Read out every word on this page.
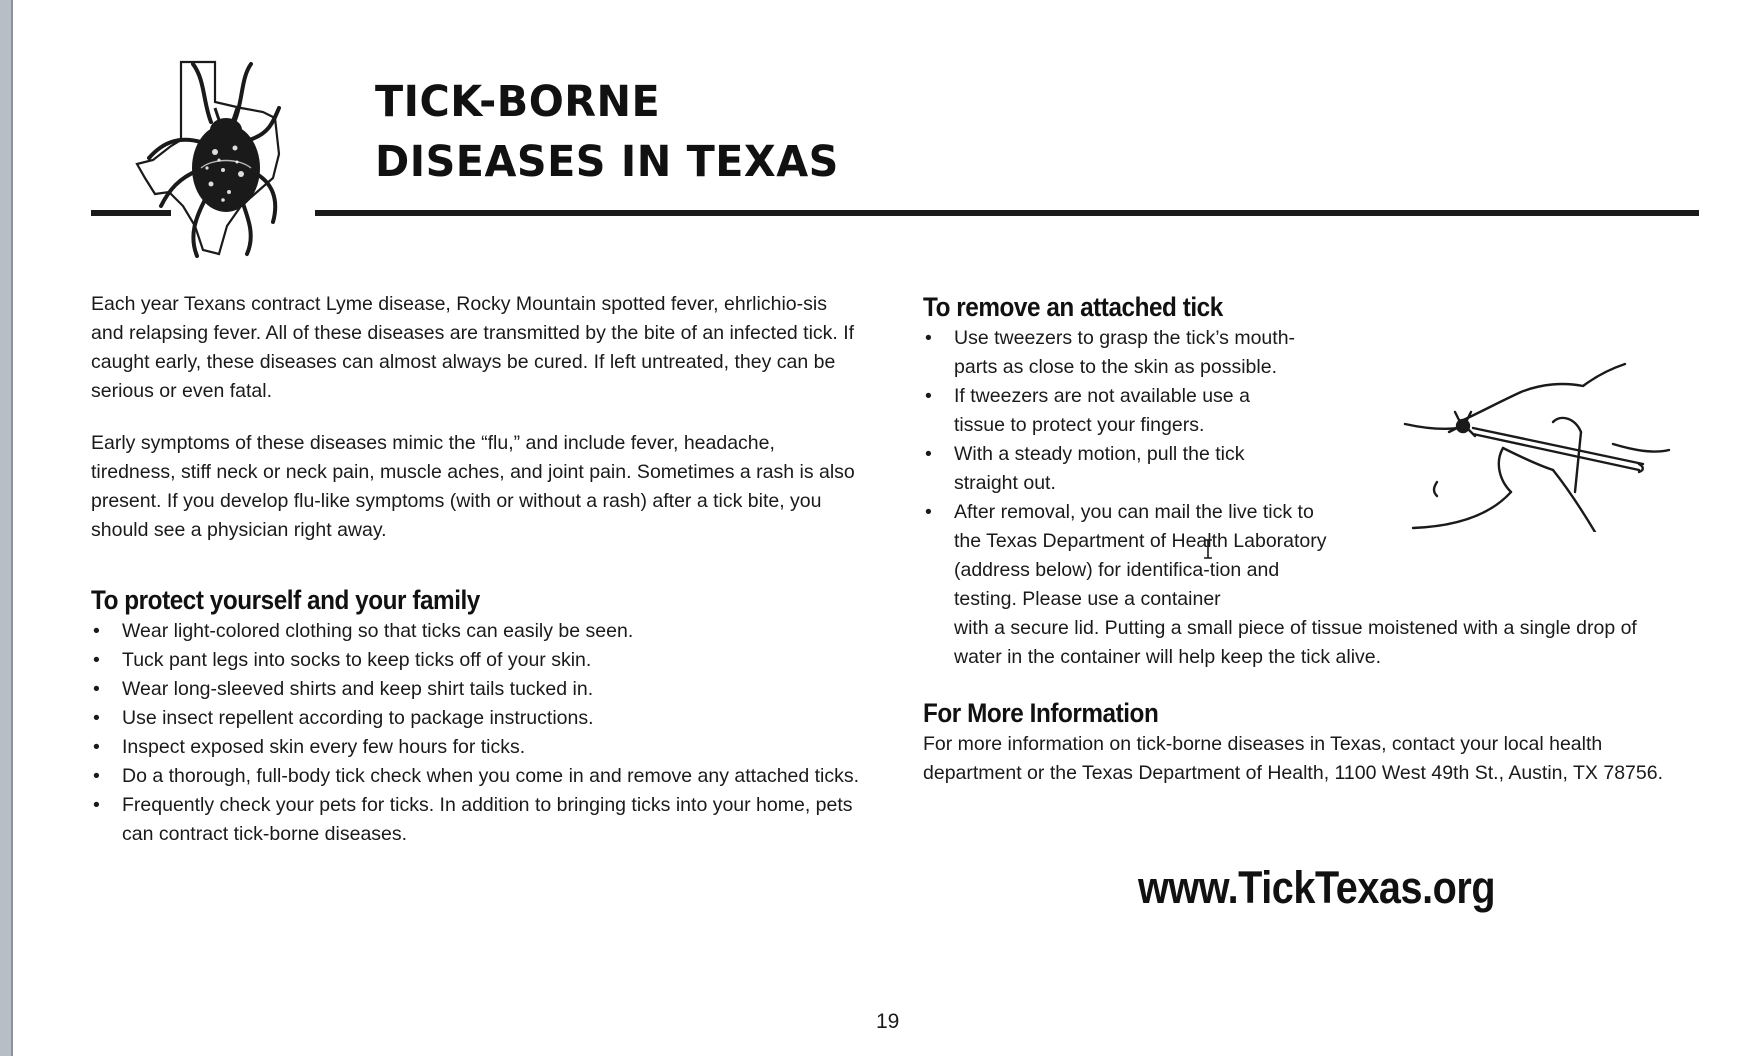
TICK-BORNE
DISEASES IN TEXAS

Each year Texans contract Lyme disease, Rocky Mountain spotted fever, ehrlichio-sis and relapsing fever. All of these diseases are transmitted by the bite of an infected tick. If caught early, these diseases can almost always be cured. If left untreated, they can be serious or even fatal.

Early symptoms of these diseases mimic the “flu,” and include fever, headache, tiredness, stiff neck or neck pain, muscle aches, and joint pain. Sometimes a rash is also present. If you develop flu-like symptoms (with or without a rash) after a tick bite, you should see a physician right away.

To protect yourself and your family
• Wear light-colored clothing so that ticks can easily be seen.
• Tuck pant legs into socks to keep ticks off of your skin.
• Wear long-sleeved shirts and keep shirt tails tucked in.
• Use insect repellent according to package instructions.
• Inspect exposed skin every few hours for ticks.
• Do a thorough, full-body tick check when you come in and remove any attached ticks.
• Frequently check your pets for ticks. In addition to bringing ticks into your home, pets can contract tick-borne diseases.
To remove an attached tick
• Use tweezers to grasp the tick’s mouth-parts as close to the skin as possible.
• If tweezers are not available use a tissue to protect your fingers.
• With a steady motion, pull the tick straight out.
• After removal, you can mail the live tick to the Texas Department of Health Laboratory (address below) for identifica-tion and testing. Please use a container
with a secure lid. Putting a small piece of tissue moistened with a single drop of water in the container will help keep the tick alive.
For More Information

For more information on tick-borne diseases in Texas, contact your local health department or the Texas Department of Health, 1100 West 49th St., Austin, TX 78756.

www.TickTexas.org
19
